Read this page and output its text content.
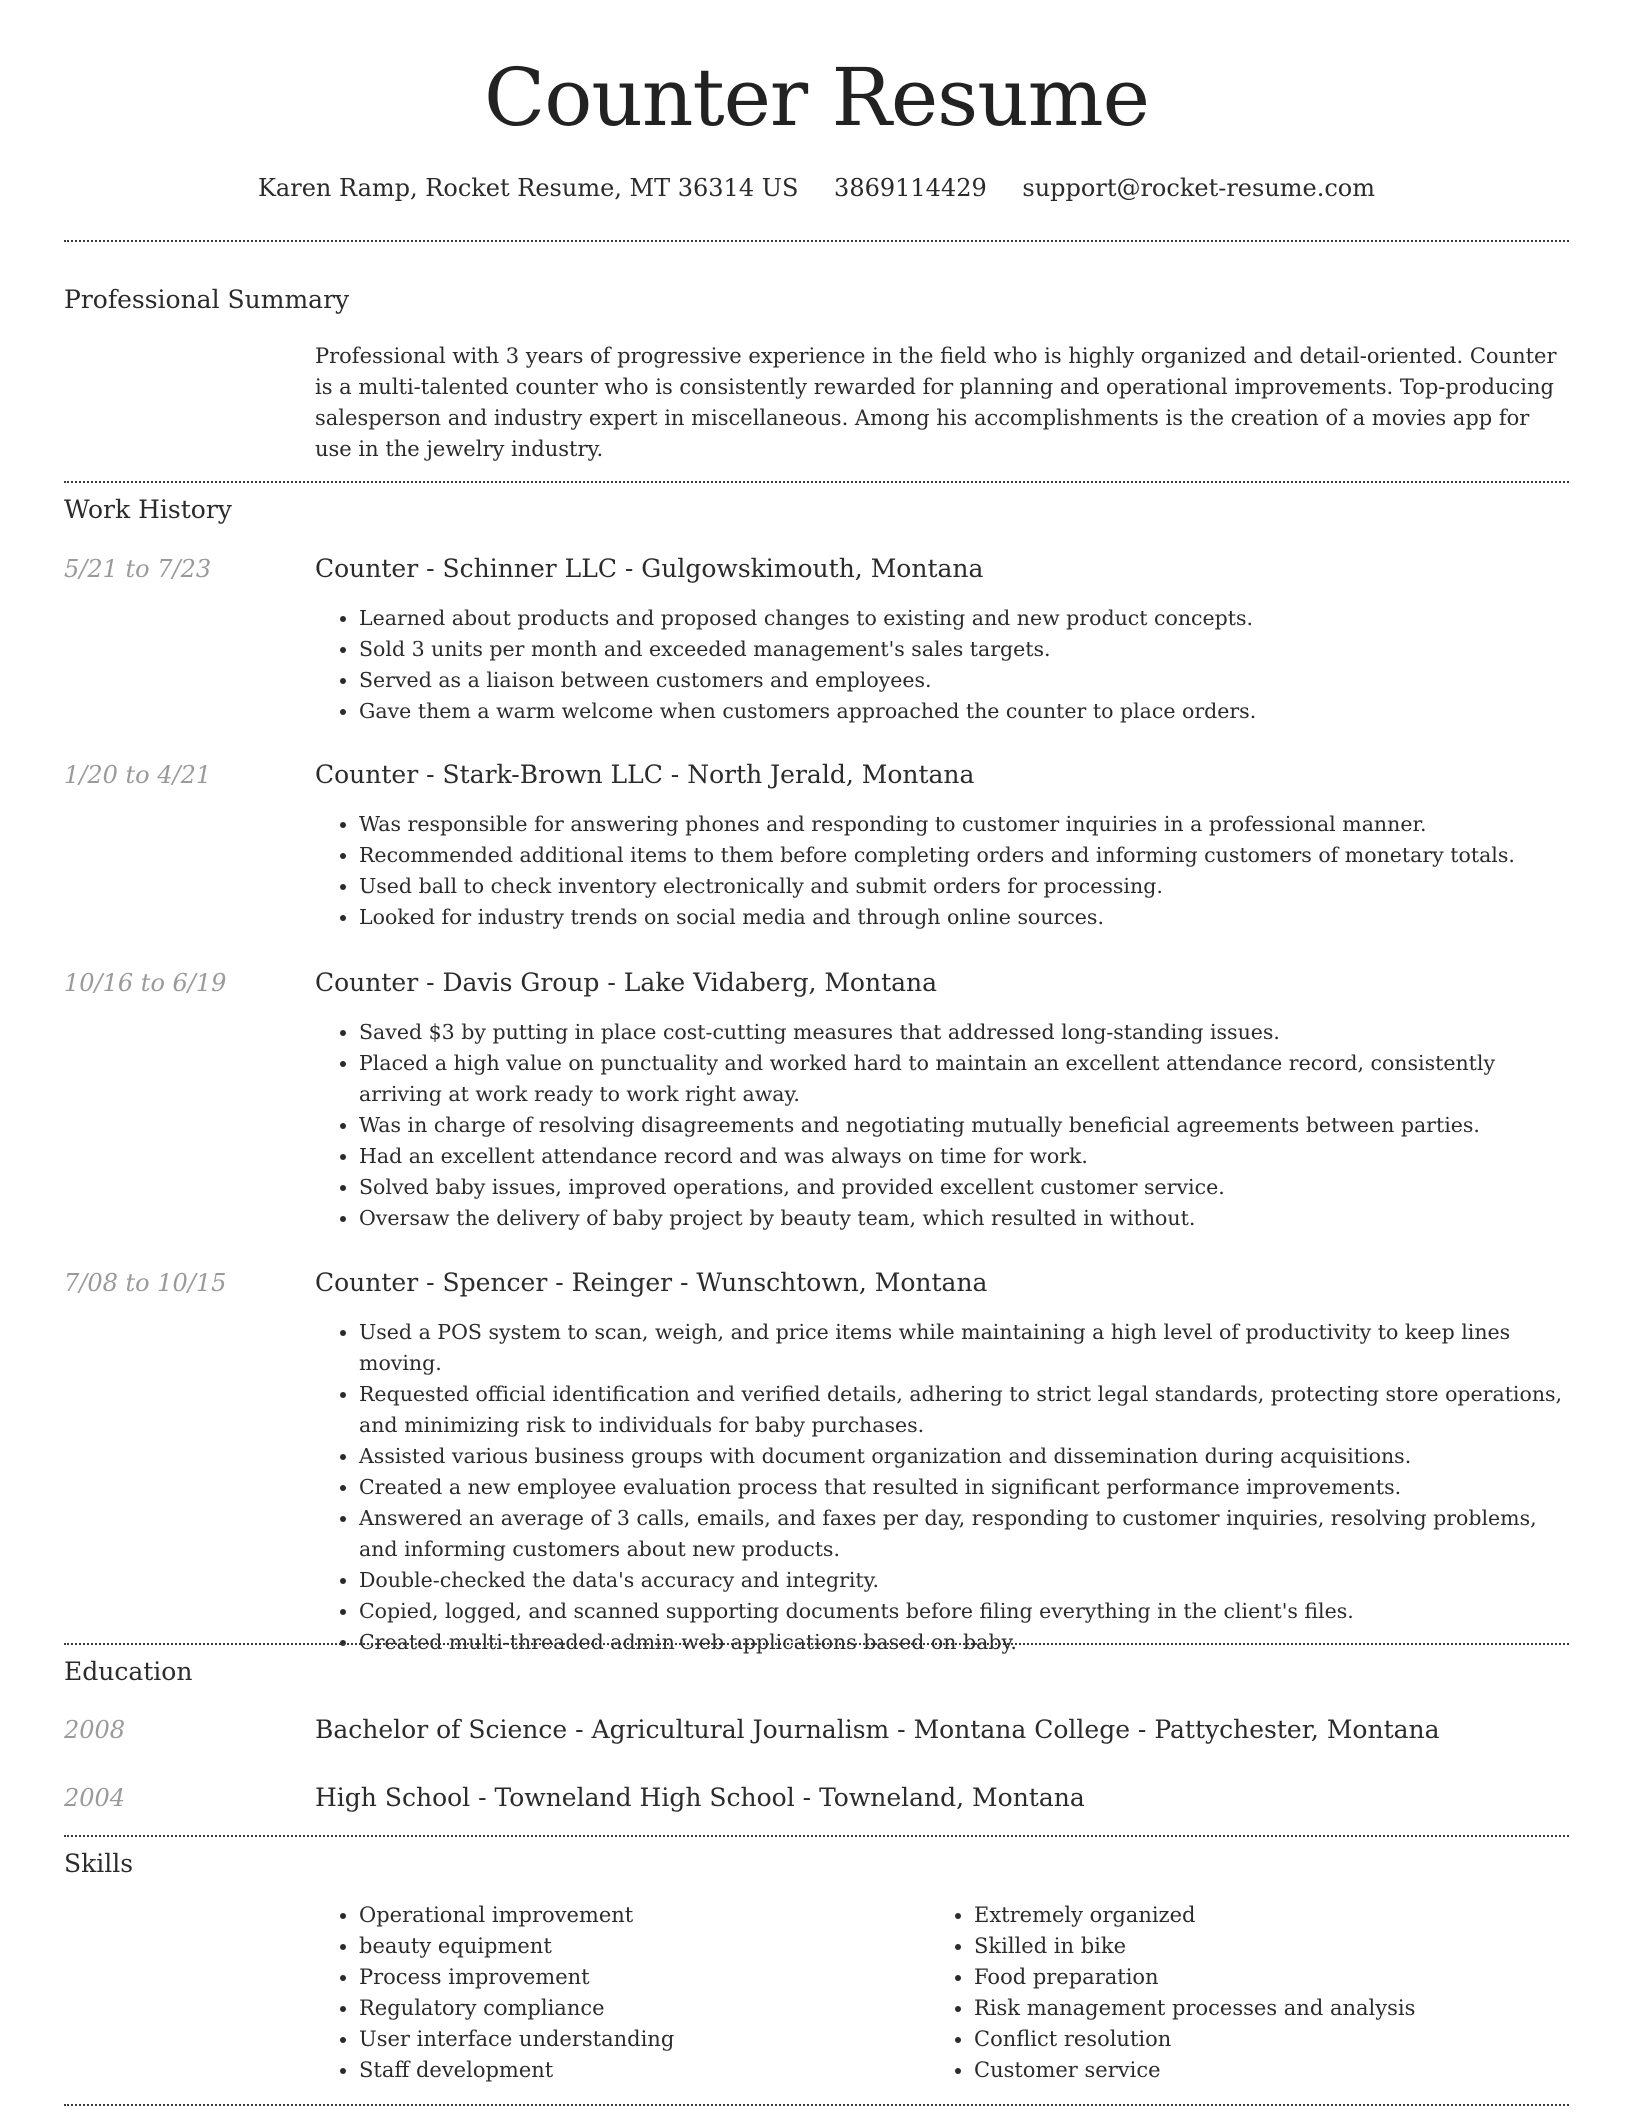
Counter Resume
Karen Ramp, Rocket Resume, MT 36314 US 3869114429 support@rocket-resume.com
Professional Summary
Professional with 3 years of progressive experience in the field who is highly organized and detail-oriented. Counter is a multi-talented counter who is consistently rewarded for planning and operational improvements. Top-producing salesperson and industry expert in miscellaneous. Among his accomplishments is the creation of a movies app for use in the jewelry industry.
Work History
5/21 to 7/23	Counter - Schinner LLC - Gulgowskimouth, Montana
• Learned about products and proposed changes to existing and new product concepts.
• Sold 3 units per month and exceeded management's sales targets.
• Served as a liaison between customers and employees.
• Gave them a warm welcome when customers approached the counter to place orders.
1/20 to 4/21	Counter - Stark-Brown LLC - North Jerald, Montana
• Was responsible for answering phones and responding to customer inquiries in a professional manner.
• Recommended additional items to them before completing orders and informing customers of monetary totals.
• Used ball to check inventory electronically and submit orders for processing.
• Looked for industry trends on social media and through online sources.
10/16 to 6/19	Counter - Davis Group - Lake Vidaberg, Montana
• Saved $3 by putting in place cost-cutting measures that addressed long-standing issues.
• Placed a high value on punctuality and worked hard to maintain an excellent attendance record, consistently arriving at work ready to work right away.
• Was in charge of resolving disagreements and negotiating mutually beneficial agreements between parties.
• Had an excellent attendance record and was always on time for work.
• Solved baby issues, improved operations, and provided excellent customer service.
• Oversaw the delivery of baby project by beauty team, which resulted in without.
7/08 to 10/15	Counter - Spencer - Reinger - Wunschtown, Montana
• Used a POS system to scan, weigh, and price items while maintaining a high level of productivity to keep lines moving.
• Requested official identification and verified details, adhering to strict legal standards, protecting store operations, and minimizing risk to individuals for baby purchases.
• Assisted various business groups with document organization and dissemination during acquisitions.
• Created a new employee evaluation process that resulted in significant performance improvements.
• Answered an average of 3 calls, emails, and faxes per day, responding to customer inquiries, resolving problems, and informing customers about new products.
• Double-checked the data's accuracy and integrity.
• Copied, logged, and scanned supporting documents before filing everything in the client's files.
• Created multi-threaded admin web applications based on baby.
Education
2008	Bachelor of Science - Agricultural Journalism - Montana College - Pattychester, Montana
2004	High School - Towneland High School - Towneland, Montana
Skills
• Operational improvement
• beauty equipment
• Process improvement
• Regulatory compliance
• User interface understanding
• Staff development
• Extremely organized
• Skilled in bike
• Food preparation
• Risk management processes and analysis
• Conflict resolution
• Customer service
